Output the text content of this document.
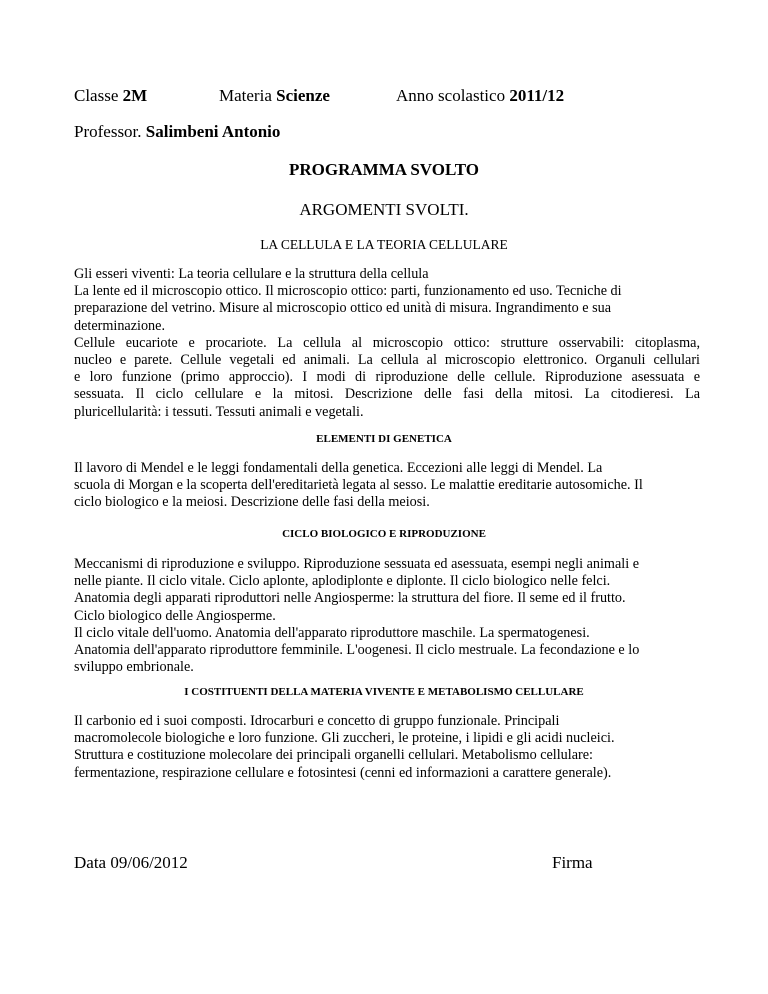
Classe 2M	Materia Scienze	Anno scolastico 2011/12
Professor. Salimbeni Antonio
PROGRAMMA SVOLTO
ARGOMENTI SVOLTI.
LA CELLULA E LA TEORIA CELLULARE
Gli esseri viventi: La teoria cellulare e la struttura della cellula
La lente ed il microscopio ottico. Il microscopio ottico: parti, funzionamento ed uso. Tecniche di
preparazione del vetrino. Misure al microscopio ottico ed unità di misura. Ingrandimento e sua
determinazione.
Cellule eucariote e procariote. La cellula al microscopio ottico: strutture osservabili: citoplasma,
nucleo e parete. Cellule vegetali ed animali. La cellula al microscopio elettronico. Organuli cellulari
e loro funzione (primo approccio). I modi di riproduzione delle cellule. Riproduzione asessuata e
sessuata. Il ciclo cellulare e la mitosi. Descrizione delle fasi della mitosi. La citodieresi. La
pluricellularità: i tessuti. Tessuti animali e vegetali.
ELEMENTI DI GENETICA
Il lavoro di Mendel e le leggi fondamentali della genetica. Eccezioni alle leggi di Mendel. La
scuola di Morgan e la scoperta dell'ereditarietà legata al sesso. Le malattie ereditarie autosomiche. Il
ciclo biologico e la meiosi. Descrizione delle fasi della meiosi.
CICLO BIOLOGICO E RIPRODUZIONE
Meccanismi di riproduzione e sviluppo. Riproduzione sessuata ed asessuata, esempi negli animali e
nelle piante. Il ciclo vitale. Ciclo aplonte, aplodiplonte e diplonte. Il ciclo biologico nelle felci.
Anatomia degli apparati riproduttori nelle Angiosperme: la struttura del fiore. Il seme ed il frutto.
Ciclo biologico delle Angiosperme.
Il ciclo vitale dell'uomo. Anatomia dell'apparato riproduttore maschile. La spermatogenesi.
Anatomia dell'apparato riproduttore femminile. L'oogenesi. Il ciclo mestruale. La fecondazione e lo
sviluppo embrionale.
I COSTITUENTI DELLA MATERIA VIVENTE E METABOLISMO CELLULARE
Il carbonio ed i suoi composti. Idrocarburi e concetto di gruppo funzionale. Principali
macromolecole biologiche e loro funzione. Gli zuccheri, le proteine, i lipidi e gli acidi nucleici.
Struttura e costituzione molecolare dei principali organelli cellulari. Metabolismo cellulare:
fermentazione, respirazione cellulare e fotosintesi (cenni ed informazioni a carattere generale).
Data 09/06/2012	Firma
